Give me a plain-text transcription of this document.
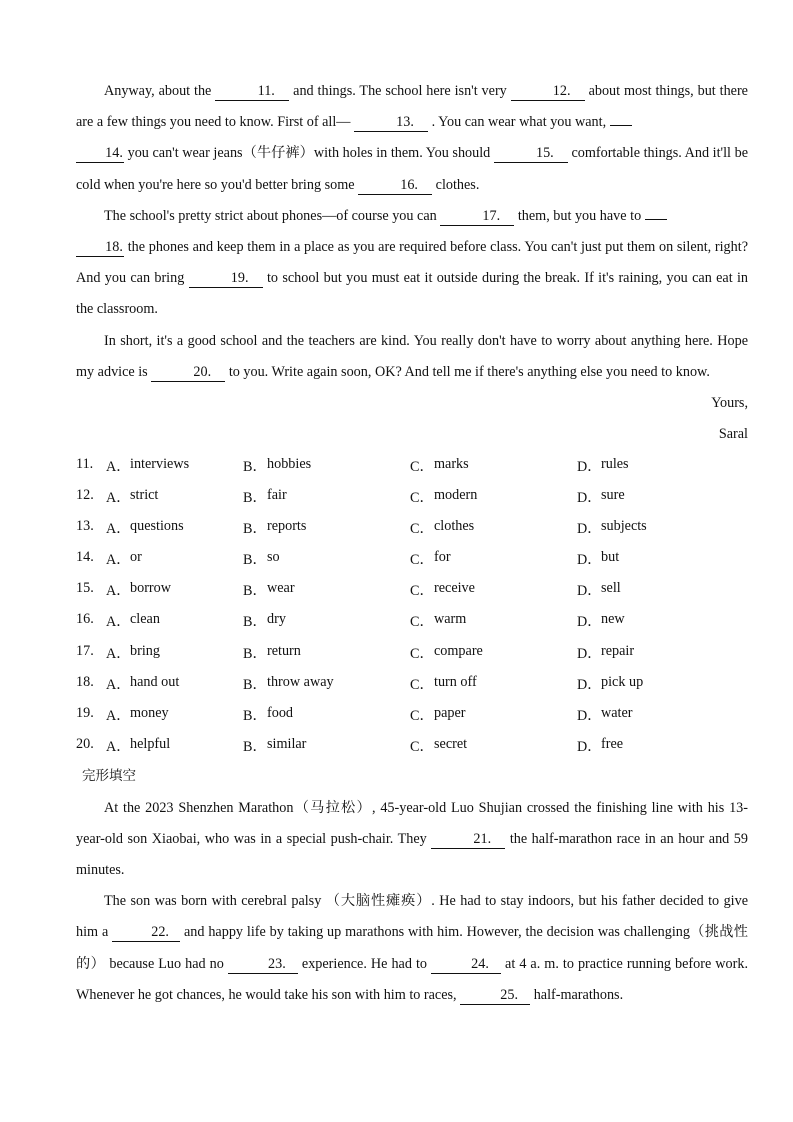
Anyway, about the	11. and things. The school here isn't very	12. about most things, but there are a few things you need to know. First of all—	13. . You can wear what you want,
14. you can't wear jeans（牛仔裤）with holes in them. You should	15. comfortable things. And it'll be cold when you're here so you'd better bring some	16. clothes.

The school's pretty strict about phones—of course you can	17. them, but you have to
18. the phones and keep them in a place as you are required before class. You can't just put them on silent, right? And you can bring	19. to school but you must eat it outside during the break. If it's raining, you can eat in the classroom.

In short, it's a good school and the teachers are kind. You really don't have to worry about anything here. Hope my advice is	20. to you. Write again soon, OK? And tell me if there's anything else you need to know.

Yours,

Saral

11. A． interviews	B． hobbies	C． marks	D． rules
12. A． strict	B． fair	C． modern	D． sure
13. A． questions	B． reports	C． clothes	D． subjects
14. A． or	B． so	C． for	D． but
15. A． borrow	B． wear	C． receive	D． sell
16. A． clean	B． dry	C． warm	D． new
17. A． bring	B． return	C． compare	D． repair
18. A． hand out	B． throw away	C． turn off	D． pick up
19. A． money	B． food	C． paper	D． water
20. A． helpful	B． similar	C． secret	D． free

完形填空

At the 2023 Shenzhen Marathon（马拉松）, 45-year-old Luo Shujian crossed the finishing line with his 13-year-old son Xiaobai, who was in a special push-chair. They	21. the half-marathon race in an hour and 59 minutes.

The son was born with cerebral palsy （大脑性瘫痪）. He had to stay indoors, but his father decided to give him a	22. and happy life by taking up marathons with him. However, the decision was challenging（挑战性的） because Luo had no	23. experience. He had to	24. at 4 a. m. to practice running before work. Whenever he got chances, he would take his son with him to races,	25. half-marathons.
